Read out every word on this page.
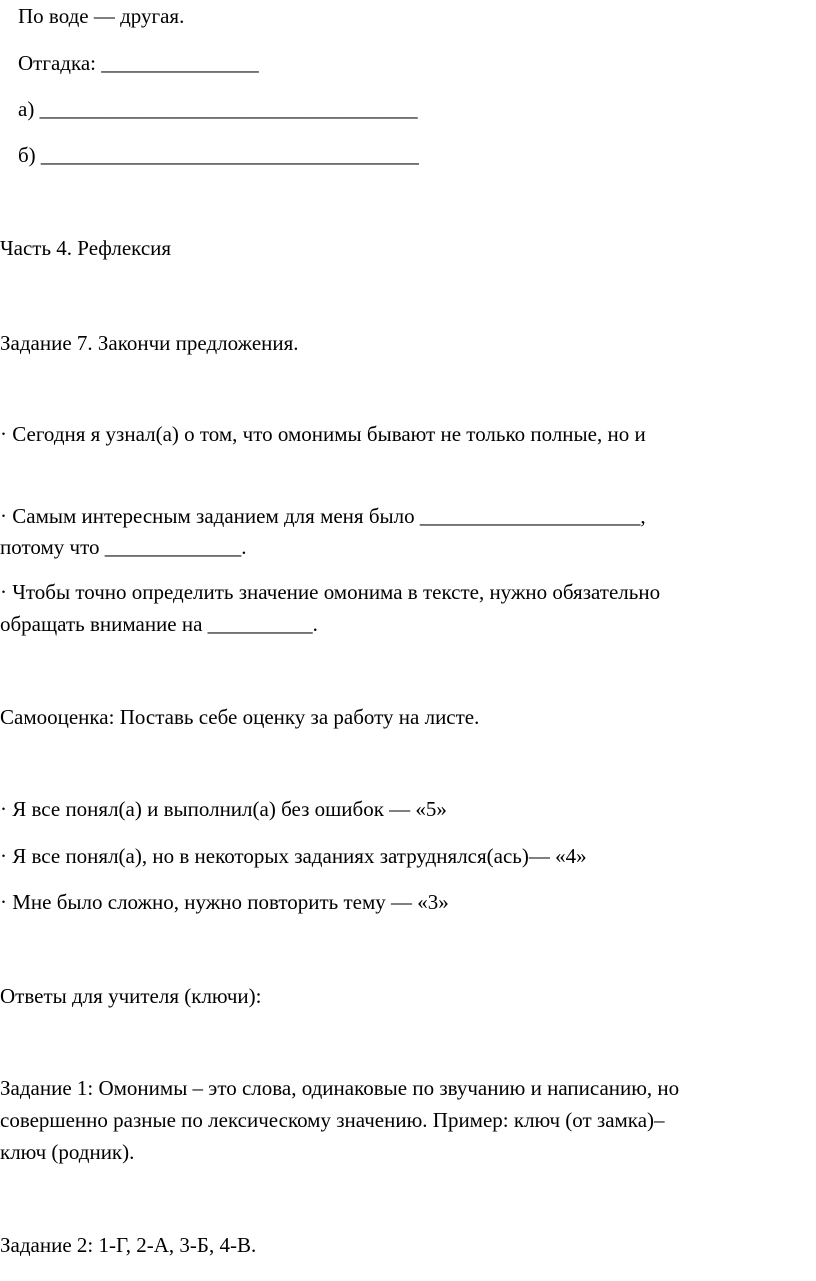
По воде — другая.
Отгадка: _______________
а) ____________________________________
б) ____________________________________
Часть 4. Рефлексия
Задание 7. Закончи предложения.
· Сегодня я узнал(а) о том, что омонимы бывают не только полные, но и
· Самым интересным заданием для меня было _____________________,
потому что _____________.
· Чтобы точно определить значение омонима в тексте, нужно обязательно
обращать внимание на __________.
Самооценка: Поставь себе оценку за работу на листе.
· Я все понял(а) и выполнил(а) без ошибок — «5»
· Я все понял(а), но в некоторых заданиях затруднялся(ась)— «4»
· Мне было сложно, нужно повторить тему — «3»
Ответы для учителя (ключи):
Задание 1: Омонимы – это слова, одинаковые по звучанию и написанию, но
совершенно разные по лексическому значению. Пример: ключ (от замка)–
ключ (родник).
Задание 2: 1-Г, 2-А, 3-Б, 4-В.
